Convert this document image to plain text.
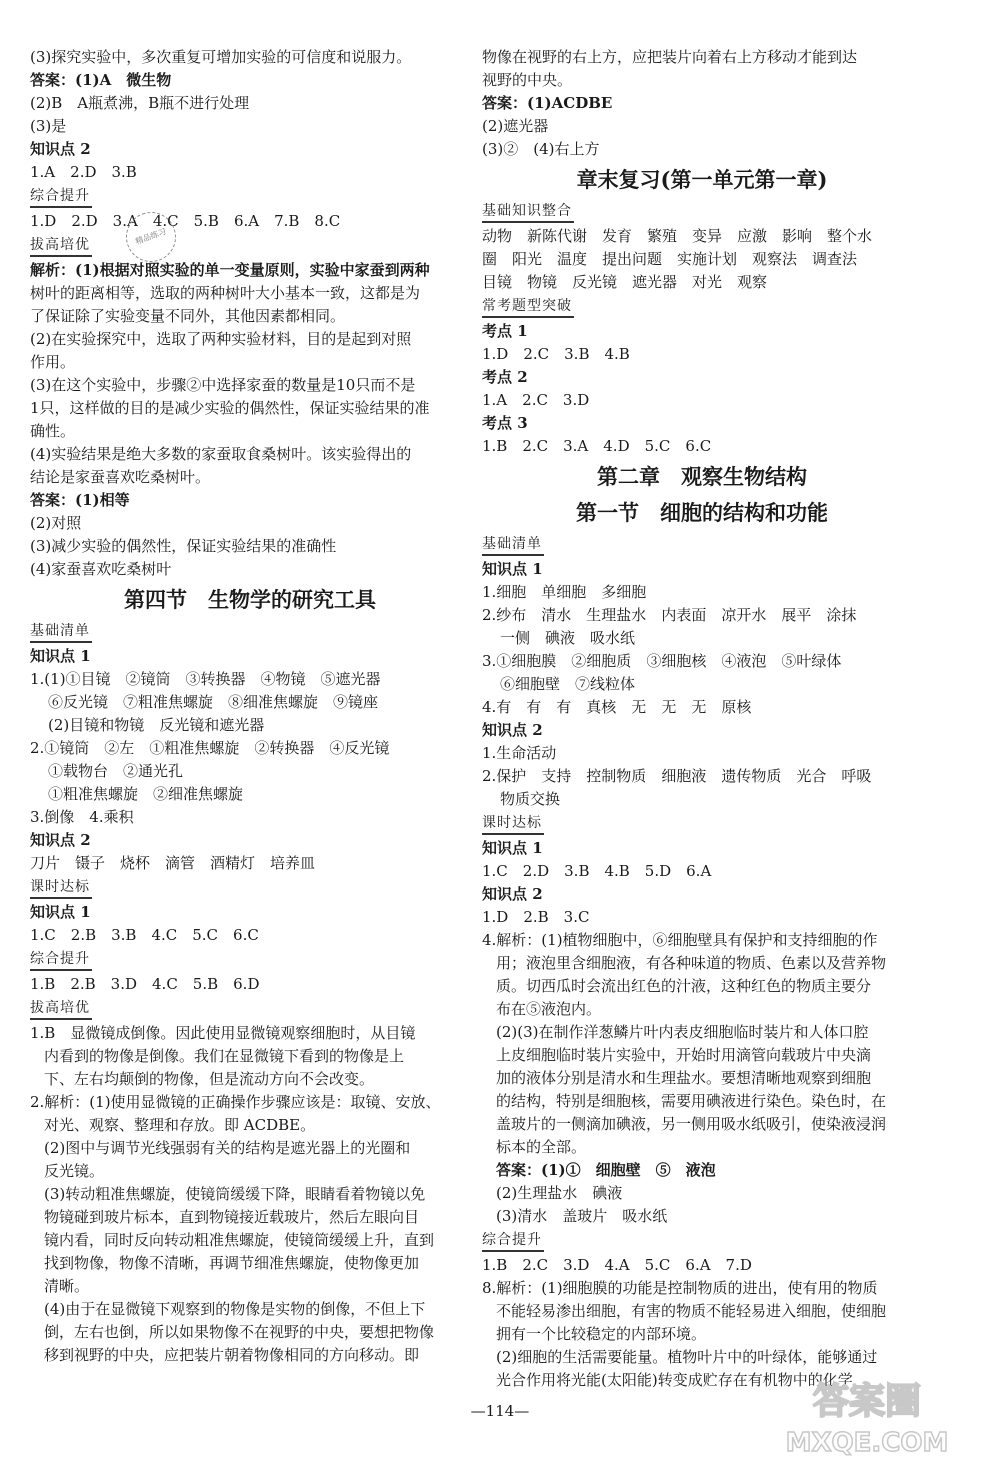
(3)探究实验中，多次重复可增加实验的可信度和说服力。
答案：(1)A　微生物
(2)B　A瓶煮沸，B瓶不进行处理
(3)是
知识点 2
1.A　2.D　3.B
综合提升

1.D　2.D　3.A　4.C　5.B　6.A　7.B　8.C
拔高培优

解析：(1)根据对照实验的单一变量原则，实验中家蚕到两种
树叶的距离相等，选取的两种树叶大小基本一致，这都是为
了保证除了实验变量不同外，其他因素都相同。
(2)在实验探究中，选取了两种实验材料，目的是起到对照
作用。
(3)在这个实验中，步骤②中选择家蚕的数量是10只而不是
1只，这样做的目的是减少实验的偶然性，保证实验结果的准
确性。
(4)实验结果是绝大多数的家蚕取食桑树叶。该实验得出的
结论是家蚕喜欢吃桑树叶。
答案：(1)相等
(2)对照
(3)减少实验的偶然性，保证实验结果的准确性
(4)家蚕喜欢吃桑树叶
第四节　生物学的研究工具
基础清单

知识点 1
1.(1)①目镜　②镜筒　③转换器　④物镜　⑤遮光器
⑥反光镜　⑦粗准焦螺旋　⑧细准焦螺旋　⑨镜座
(2)目镜和物镜　反光镜和遮光器
2.①镜筒　②左　①粗准焦螺旋　②转换器　④反光镜
①载物台　②通光孔
①粗准焦螺旋　②细准焦螺旋
3.倒像　4.乘积
知识点 2
刀片　镊子　烧杯　滴管　酒精灯　培养皿
课时达标

知识点 1
1.C　2.B　3.B　4.C　5.C　6.C
综合提升

1.B　2.B　3.D　4.C　5.B　6.D
拔高培优

1.B　显微镜成倒像。因此使用显微镜观察细胞时，从目镜
内看到的物像是倒像。我们在显微镜下看到的物像是上
下、左右均颠倒的物像，但是流动方向不会改变。
2.解析：(1)使用显微镜的正确操作步骤应该是：取镜、安放、
对光、观察、整理和存放。即 ACDBE。
(2)图中与调节光线强弱有关的结构是遮光器上的光圈和
反光镜。
(3)转动粗准焦螺旋，使镜筒缓缓下降，眼睛看着物镜以免
物镜碰到玻片标本，直到物镜接近载玻片，然后左眼向目
镜内看，同时反向转动粗准焦螺旋，使镜筒缓缓上升，直到
找到物像，物像不清晰，再调节细准焦螺旋，使物像更加
清晰。
(4)由于在显微镜下观察到的物像是实物的倒像，不但上下
倒，左右也倒，所以如果物像不在视野的中央，要想把物像
移到视野的中央，应把装片朝着物像相同的方向移动。即
物像在视野的右上方，应把装片向着右上方移动才能到达
视野的中央。
答案：(1)ACDBE
(2)遮光器
(3)②　(4)右上方
章末复习(第一单元第一章)
基础知识整合

动物　新陈代谢　发育　繁殖　变异　应激　影响　整个水
圈　阳光　温度　提出问题　实施计划　观察法　调查法
目镜　物镜　反光镜　遮光器　对光　观察
常考题型突破

考点 1
1.D　2.C　3.B　4.B
考点 2
1.A　2.C　3.D
考点 3
1.B　2.C　3.A　4.D　5.C　6.C
第二章　观察生物结构
第一节　细胞的结构和功能
基础清单

知识点 1
1.细胞　单细胞　多细胞
2.纱布　清水　生理盐水　内表面　凉开水　展平　涂抹
一侧　碘液　吸水纸
3.①细胞膜　②细胞质　③细胞核　④液泡　⑤叶绿体
⑥细胞壁　⑦线粒体
4.有　有　有　真核　无　无　无　原核
知识点 2
1.生命活动
2.保护　支持　控制物质　细胞液　遗传物质　光合　呼吸
物质交换
课时达标

知识点 1
1.C　2.D　3.B　4.B　5.D　6.A
知识点 2
1.D　2.B　3.C
4.解析：(1)植物细胞中，⑥细胞壁具有保护和支持细胞的作
用；液泡里含细胞液，有各种味道的物质、色素以及营养物
质。切西瓜时会流出红色的汁液，这种红色的物质主要分
布在⑤液泡内。
(2)(3)在制作洋葱鳞片叶内表皮细胞临时装片和人体口腔
上皮细胞临时装片实验中，开始时用滴管向载玻片中央滴
加的液体分别是清水和生理盐水。要想清晰地观察到细胞
的结构，特别是细胞核，需要用碘液进行染色。染色时，在
盖玻片的一侧滴加碘液，另一侧用吸水纸吸引，使染液浸润
标本的全部。
答案：(1)①　细胞壁　⑤　液泡
(2)生理盐水　碘液
(3)清水　盖玻片　吸水纸
综合提升

1.B　2.C　3.D　4.A　5.C　6.A　7.D
8.解析：(1)细胞膜的功能是控制物质的进出，使有用的物质
不能轻易渗出细胞，有害的物质不能轻易进入细胞，使细胞
拥有一个比较稳定的内部环境。
(2)细胞的生活需要能量。植物叶片中的叶绿体，能够通过
光合作用将光能(太阳能)转变成贮存在有机物中的化学
精品练习
—114—	答案圈
MXQE.COM
